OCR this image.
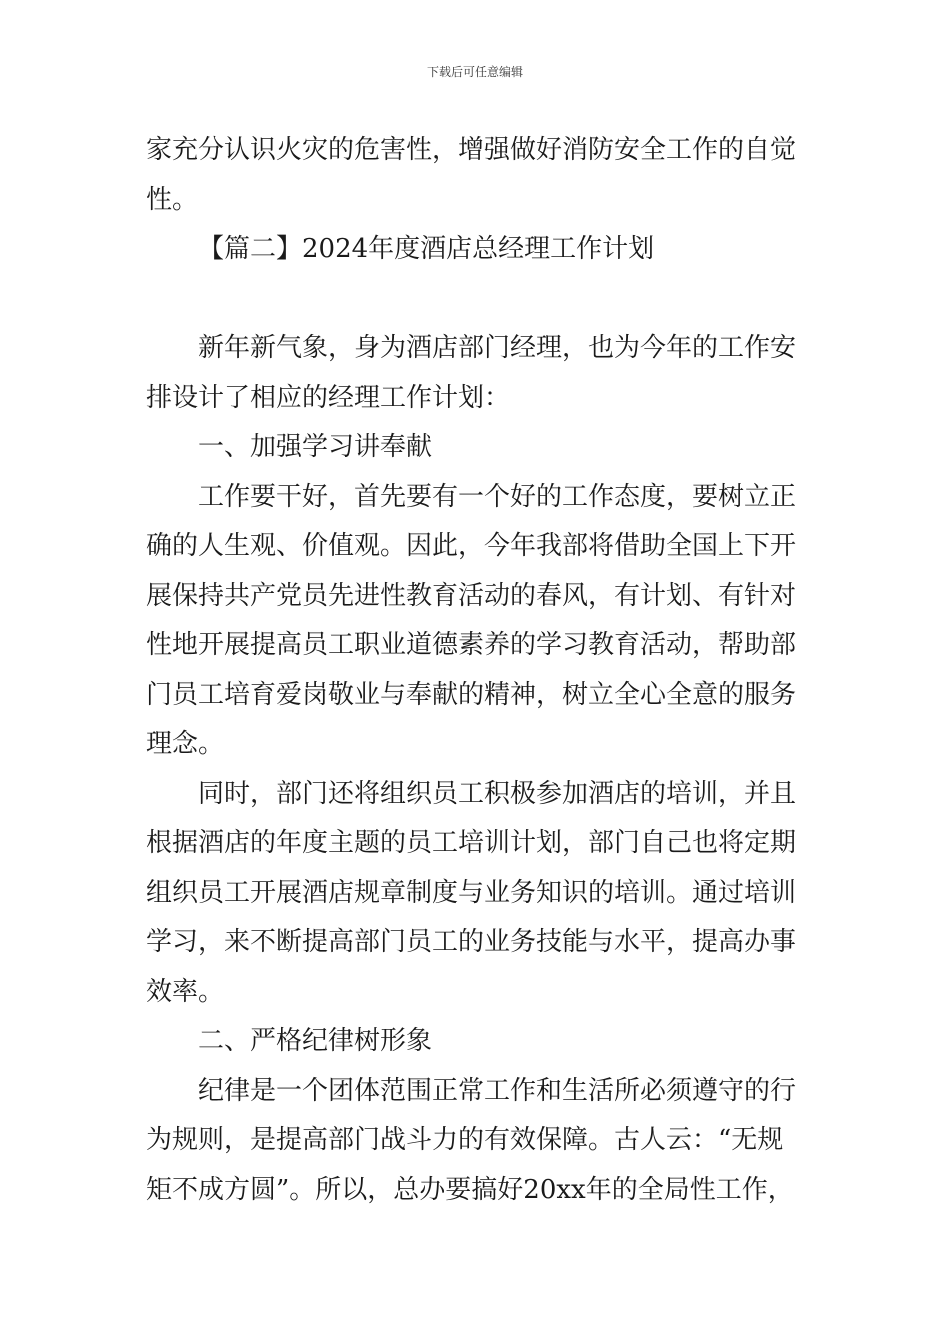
下载后可任意编辑
家充分认识火灾的危害性，增强做好消防安全工作的自觉
性。
【篇二】2024年度酒店总经理工作计划
新年新气象，身为酒店部门经理，也为今年的工作安
排设计了相应的经理工作计划：
一、加强学习讲奉献
工作要干好，首先要有一个好的工作态度，要树立正
确的人生观、价值观。因此，今年我部将借助全国上下开
展保持共产党员先进性教育活动的春风，有计划、有针对
性地开展提高员工职业道德素养的学习教育活动，帮助部
门员工培育爱岗敬业与奉献的精神，树立全心全意的服务
理念。
同时，部门还将组织员工积极参加酒店的培训，并且
根据酒店的年度主题的员工培训计划，部门自己也将定期
组织员工开展酒店规章制度与业务知识的培训。通过培训
学习，来不断提高部门员工的业务技能与水平，提高办事
效率。
二、严格纪律树形象
纪律是一个团体范围正常工作和生活所必须遵守的行
为规则，是提高部门战斗力的有效保障。古人云：“无规
矩不成方圆”。所以，总办要搞好20xx年的全局性工作，
